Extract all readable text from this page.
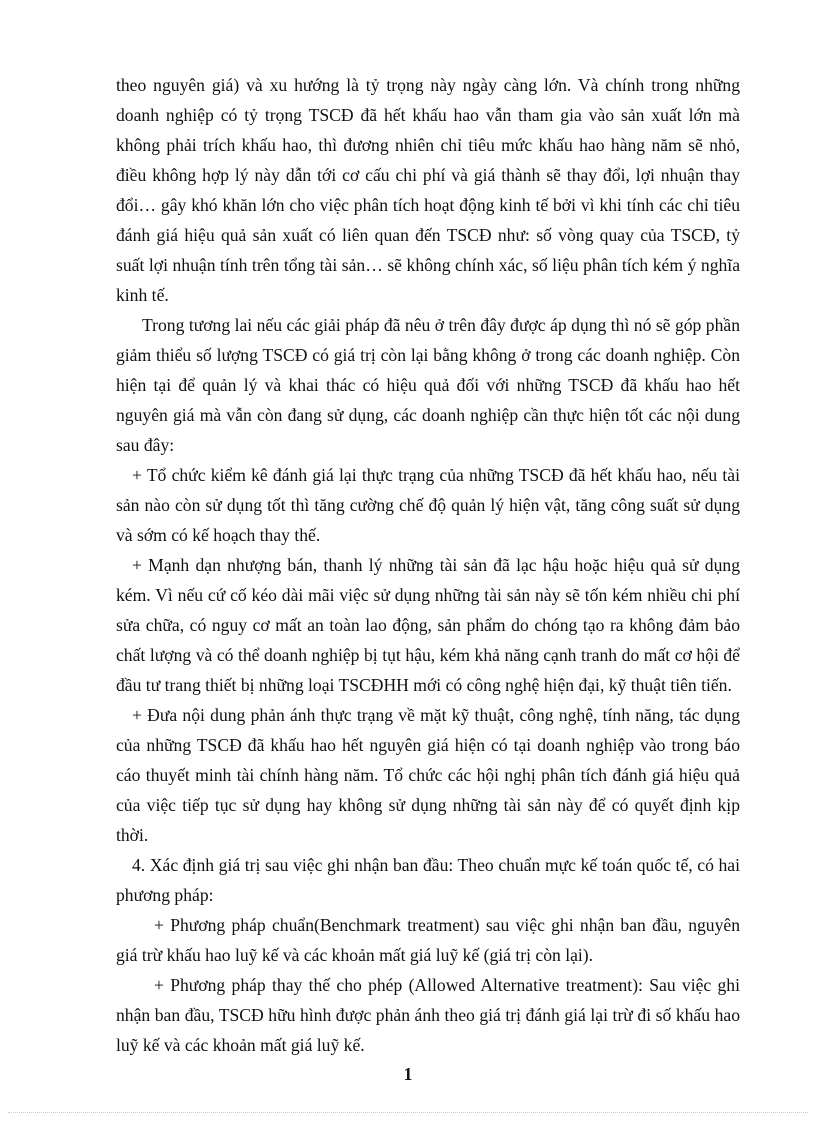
theo nguyên giá) và xu hướng là tỷ trọng này ngày càng lớn. Và chính trong những doanh nghiệp có tỷ trọng TSCĐ đã hết khấu hao vẫn tham gia vào sản xuất lớn mà không phải trích khấu hao, thì đương nhiên chỉ tiêu mức khấu hao hàng năm sẽ nhỏ, điều không hợp lý này dẫn tới cơ cấu chi phí và giá thành sẽ thay đổi, lợi nhuận thay đổi… gây khó khăn lớn cho việc phân tích hoạt động kinh tế bởi vì khi tính các chỉ tiêu đánh giá hiệu quả sản xuất có liên quan đến TSCĐ như: số vòng quay của TSCĐ, tỷ suất lợi nhuận tính trên tổng tài sản… sẽ không chính xác, số liệu phân tích kém ý nghĩa kinh tế.

Trong tương lai nếu các giải pháp đã nêu ở trên đây được áp dụng thì nó sẽ góp phần giảm thiểu số lượng TSCĐ có giá trị còn lại bằng không ở trong các doanh nghiệp. Còn hiện tại để quản lý và khai thác có hiệu quả đối với những TSCĐ đã khấu hao hết nguyên giá mà vẫn còn đang sử dụng, các doanh nghiệp cần thực hiện tốt các nội dung sau đây:

+ Tổ chức kiểm kê đánh giá lại thực trạng của những TSCĐ đã hết khấu hao, nếu tài sản nào còn sử dụng tốt thì tăng cường chế độ quản lý hiện vật, tăng công suất sử dụng và sớm có kế hoạch thay thế.

+ Mạnh dạn nhượng bán, thanh lý những tài sản đã lạc hậu hoặc hiệu quả sử dụng kém. Vì nếu cứ cố kéo dài mãi việc sử dụng những tài sản này sẽ tốn kém nhiều chi phí sửa chữa, có nguy cơ mất an toàn lao động, sản phẩm do chóng tạo ra không đảm bảo chất lượng và có thể doanh nghiệp bị tụt hậu, kém khả năng cạnh tranh do mất cơ hội để đầu tư trang thiết bị những loại TSCĐHH mới có công nghệ hiện đại, kỹ thuật tiên tiến.

+ Đưa nội dung phản ánh thực trạng về mặt kỹ thuật, công nghệ, tính năng, tác dụng của những TSCĐ đã khấu hao hết nguyên giá hiện có tại doanh nghiệp vào trong báo cáo thuyết minh tài chính hàng năm. Tổ chức các hội nghị phân tích đánh giá hiệu quả của việc tiếp tục sử dụng hay không sử dụng những tài sản này để có quyết định kịp thời.

4. Xác định giá trị sau việc ghi nhận ban đầu: Theo chuẩn mực kế toán quốc tế, có hai phương pháp:

+ Phương pháp chuẩn(Benchmark treatment) sau việc ghi nhận ban đầu, nguyên giá trừ khấu hao luỹ kế và các khoản mất giá luỹ kế (giá trị còn lại).

+ Phương pháp thay thế cho phép (Allowed Alternative treatment): Sau việc ghi nhận ban đầu, TSCĐ hữu hình được phản ánh theo giá trị đánh giá lại trừ đi số khấu hao luỹ kế và các khoản mất giá luỹ kế.

1
